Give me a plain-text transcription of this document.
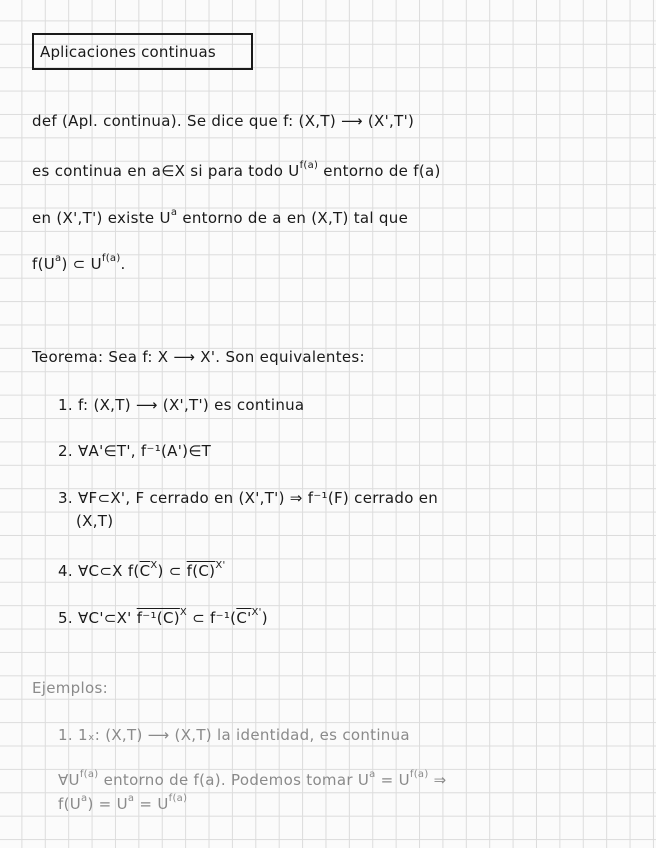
Aplicaciones continuas
def (Apl. continua). Se dice que f: (X,T) ⟶ (X',T')
es continua en a∈X si para todo $U^{f(a)}$ entorno de f(a)
en (X',T') existe $U^a$ entorno de a en (X,T) tal que
$f(U^a)$ ⊂ $U^{f(a)}$.
Teorema: Sea f: X ⟶ X'. Son equivalentes:
1. f: (X,T) ⟶ (X',T') es continua
2. ∀A'∈T', f⁻¹(A')∈T
3. ∀F⊂X', F cerrado en (X',T') ⇒ f⁻¹(F) cerrado en
(X,T)
4. ∀C⊂X $f(\overline{C}^X)$ ⊂ $f(C)^{X'}$
5. ∀C'⊂X' $f^{-1}(C)^X$ ⊂ $f^{-1}(C'^{X'})$
Ejemplos:
1. 1ₓ: (X,T) ⟶ (X,T) la identidad, es continua
$\forall U^{f(a)}$ entorno de f(a). Podemos tomar $U^a = U^{f(a)}$ ⇒
$f(U^a) = U^a = U^{f(a)}$
